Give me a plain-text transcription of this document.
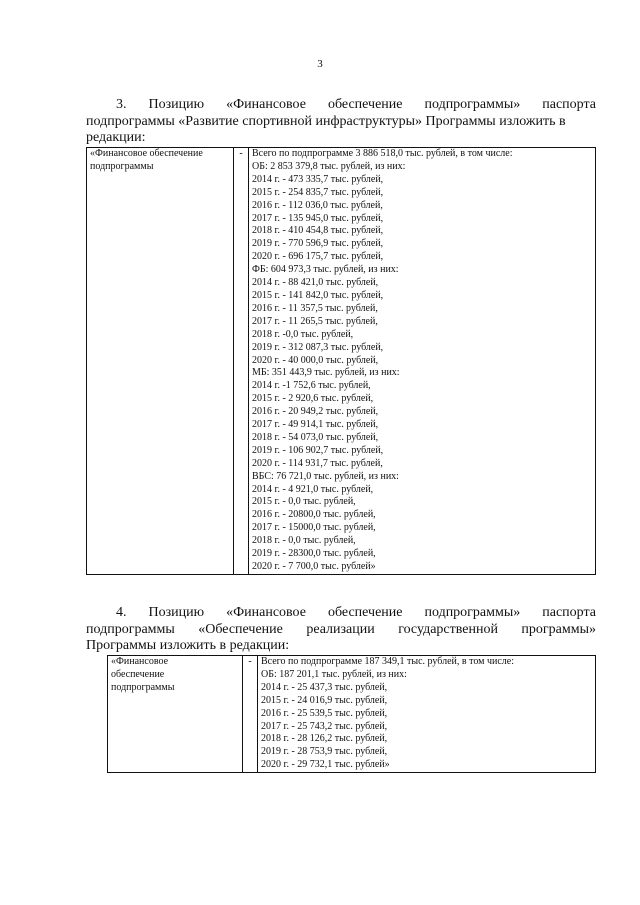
3
3. Позицию «Финансовое обеспечение подпрограммы» паспорта
подпрограммы «Развитие спортивной инфраструктуры» Программы изложить в
редакции:
«Финансовое обеспечение подпрограммы	-	Всего по подпрограмме 3 886 518,0 тыс. рублей, в том числе:
ОБ: 2 853 379,8 тыс. рублей, из них:
2014 г. - 473 335,7 тыс. рублей,
2015 г. - 254 835,7 тыс. рублей,
2016 г. - 112 036,0 тыс. рублей,
2017 г. - 135 945,0 тыс. рублей,
2018 г. - 410 454,8 тыс. рублей,
2019 г. - 770 596,9 тыс. рублей,
2020 г. - 696 175,7 тыс. рублей,
ФБ: 604 973,3 тыс. рублей, из них:
2014 г. - 88 421,0 тыс. рублей,
2015 г. - 141 842,0 тыс. рублей,
2016 г. - 11 357,5 тыс. рублей,
2017 г. - 11 265,5 тыс. рублей,
2018 г. -0,0 тыс. рублей,
2019 г. - 312 087,3 тыс. рублей,
2020 г. - 40 000,0 тыс. рублей,
МБ: 351 443,9 тыс. рублей, из них:
2014 г. -1 752,6 тыс. рублей,
2015 г. - 2 920,6 тыс. рублей,
2016 г. - 20 949,2 тыс. рублей,
2017 г. - 49 914,1 тыс. рублей,
2018 г. - 54 073,0 тыс. рублей,
2019 г. - 106 902,7 тыс. рублей,
2020 г. - 114 931,7 тыс. рублей,
ВБС: 76 721,0 тыс. рублей, из них:
2014 г. - 4 921,0 тыс. рублей,
2015 г. - 0,0 тыс. рублей,
2016 г. - 20800,0 тыс. рублей,
2017 г. - 15000,0 тыс. рублей,
2018 г. - 0,0 тыс. рублей,
2019 г. - 28300,0 тыс. рублей,
2020 г. - 7 700,0 тыс. рублей»
4. Позицию «Финансовое обеспечение подпрограммы» паспорта
подпрограммы «Обеспечение реализации государственной программы»
Программы изложить в редакции:
«Финансовое
обеспечение
подпрограммы
	-	Всего по подпрограмме 187 349,1 тыс. рублей, в том числе:
ОБ: 187 201,1 тыс. рублей, из них:
2014 г. - 25 437,3 тыс. рублей,
2015 г. - 24 016,9 тыс. рублей,
2016 г. - 25 539,5 тыс. рублей,
2017 г. - 25 743,2 тыс. рублей,
2018 г. - 28 126,2 тыс. рублей,
2019 г. - 28 753,9 тыс. рублей,
2020 г. - 29 732,1 тыс. рублей»
